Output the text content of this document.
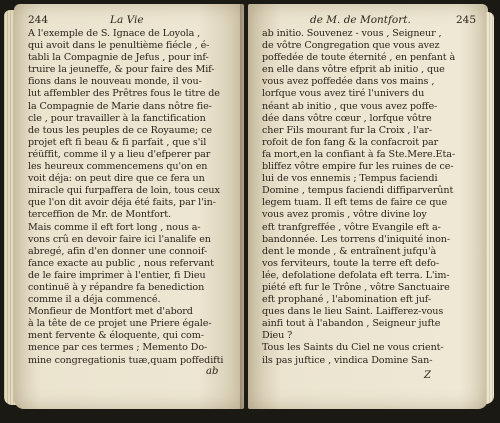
244	La Vie
A l'exemple de S. Ignace de Loyola ,
qui avoit dans le penultième fiécle , é-
tabli la Compagnie de Jefus , pour inf-
truire la jeuneffe, & pour faire des Mif-
fions dans le nouveau monde, il vou-
lut affembler des Prêtres fous le titre de
la Compagnie de Marie dans nôtre fie-
cle , pour travailler à la fanctification
de tous les peuples de ce Royaume; ce
projet eft fi beau & fi parfait , que s'il
réüffit, comme il y a lieu d'efperer par
les heureux commencemens qu'on en
voit déja: on peut dire que ce fera un
miracle qui furpaffera de loin, tous ceux
que l'on dit avoir déja été faits, par l'in-
terceffion de Mr. de Montfort.
Mais comme il eft fort long , nous a-
vons crû en devoir faire ici l'analife en
abregé, afin d'en donner une connoif-
fance exacte au public , nous refervant
de le faire imprimer à l'entier, fi Dieu
continuë à y répandre fa benediction
comme il a déja commencé.
Monfieur de Montfort met d'abord
à la tête de ce projet une Priere égale-
ment fervente & éloquente, qui com-
mence par ces termes ; Memento Do-
mine congregationis tuæ,quam poffedifti
ab
de M. de Montfort.	245
ab initio. Souvenez - vous , Seigneur ,
de vôtre Congregation que vous avez
poffedée de toute éternité , en penfant à
en elle dans vôtre efprit ab initio , que
vous avez poffedée dans vos mains ,
lorfque vous avez tiré l'univers du
néant ab initio , que vous avez poffe-
dée dans vôtre cœur , lorfque vôtre
cher Fils mourant fur la Croix , l'ar-
rofoit de fon fang & la confacroit par
fa mort,en la confiant à fa Ste.Mere.Eta-
bliffez vôtre empire fur les ruines de ce-
lui de vos ennemis ; Tempus faciendi
Domine , tempus faciendi diffiparverûnt
legem tuam. Il eft tems de faire ce que
vous avez promis , vôtre divine loy
eft tranfgreffée , vôtre Evangile eft a-
bandonnée. Les torrens d'iniquité inon-
dent le monde , & entraînent jufqu'à
vos ferviteurs, toute la terre eft defo-
lée, defolatione defolata eft terra. L'im-
piété eft fur le Trône , vôtre Sanctuaire
eft prophané , l'abomination eft juf-
ques dans le lieu Saint. Laifferez-vous
ainfi tout à l'abandon , Seigneur jufte
Dieu ?
Tous les Saints du Ciel ne vous crient-
ils pas juftice , vindica Domine San-
Z
